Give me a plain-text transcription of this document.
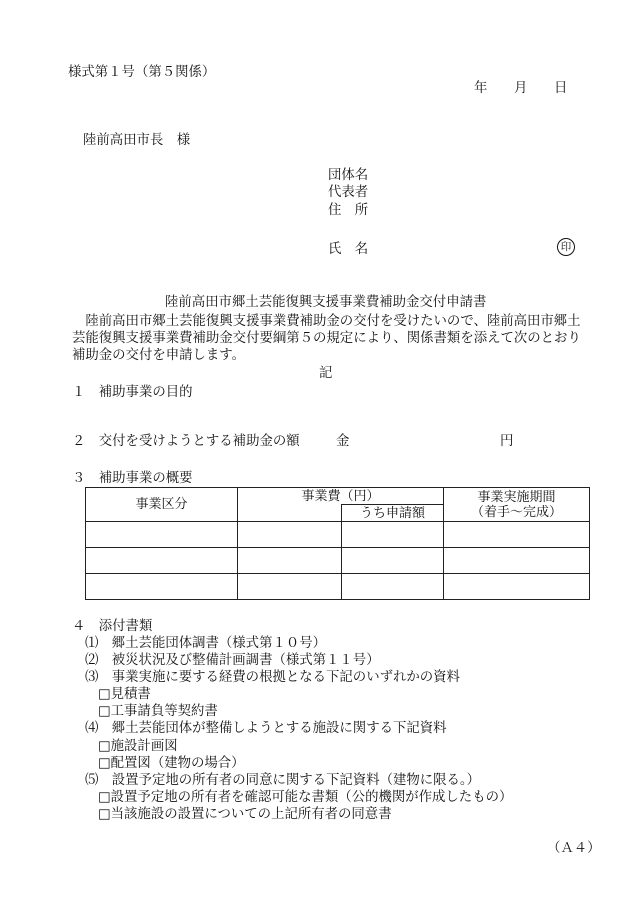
様式第１号（第５関係）
年 月 日
陸前高田市長　様
団体名
代表者
住　所
氏　名	印
陸前高田市郷土芸能復興支援事業費補助金交付申請書
　陸前高田市郷土芸能復興支援事業費補助金の交付を受けたいので、陸前高田市郷土
芸能復興支援事業費補助金交付要綱第５の規定により、関係書類を添えて次のとおり
補助金の交付を申請します。
記
１　補助事業の目的
２　交付を受けようとする補助金の額	金	円
３　補助事業の概要
事業区分	事業費（円）		事業実施期間
（着手～完成）

		うち申請額	

４　添付書類
⑴　郷土芸能団体調書（様式第１０号）
⑵　被災状況及び整備計画調書（様式第１１号）
⑶　事業実施に要する経費の根拠となる下記のいずれかの資料
□見積書
□工事請負等契約書
⑷　郷土芸能団体が整備しようとする施設に関する下記資料
□施設計画図
□配置図（建物の場合）
⑸　設置予定地の所有者の同意に関する下記資料（建物に限る。）
□設置予定地の所有者を確認可能な書類（公的機関が作成したもの）
□当該施設の設置についての上記所有者の同意書
（Ａ４）
